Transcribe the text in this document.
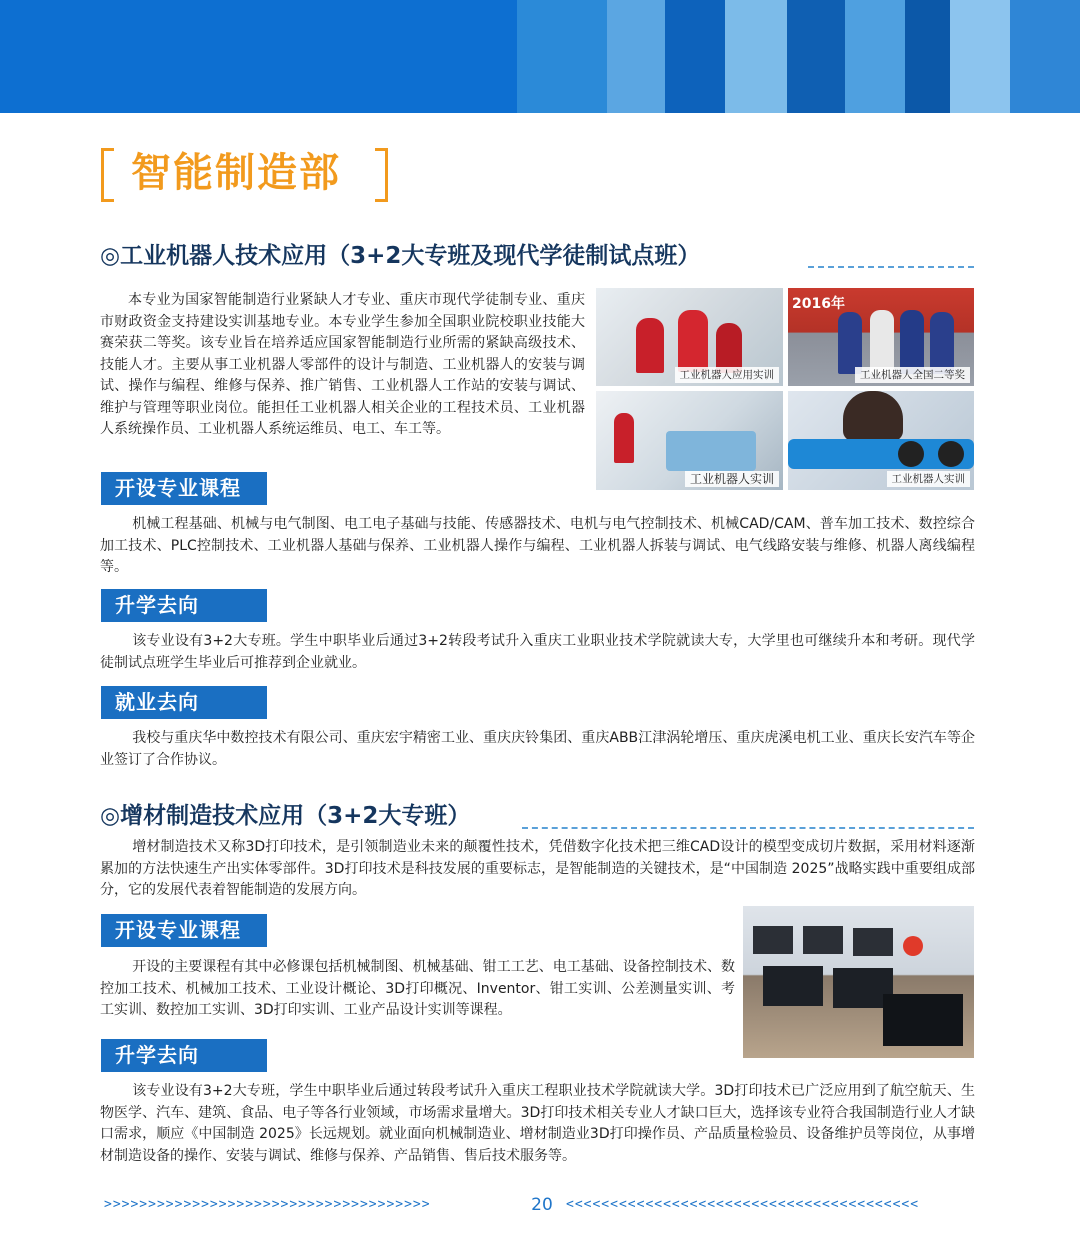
智能制造部
◎工业机器人技术应用（3+2大专班及现代学徒制试点班）

本专业为国家智能制造行业紧缺人才专业、重庆市现代学徒制专业、重庆市财政资金支持建设实训基地专业。本专业学生参加全国职业院校职业技能大赛荣获二等奖。该专业旨在培养适应国家智能制造行业所需的紧缺高级技术、技能人才。主要从事工业机器人零部件的设计与制造、工业机器人的安装与调试、操作与编程、维修与保养、推广销售、工业机器人工作站的安装与调试、维护与管理等职业岗位。能担任工业机器人相关企业的工程技术员、工业机器人系统操作员、工业机器人系统运维员、电工、车工等。

工业机器人应用实训
2016年
工业机器人全国二等奖
工业机器人实训	工业机器人实训
开设专业课程

机械工程基础、机械与电气制图、电工电子基础与技能、传感器技术、电机与电气控制技术、机械CAD/CAM、普车加工技术、数控综合加工技术、PLC控制技术、工业机器人基础与保养、工业机器人操作与编程、工业机器人拆装与调试、电气线路安装与维修、机器人离线编程等。

升学去向

该专业设有3+2大专班。学生中职毕业后通过3+2转段考试升入重庆工业职业技术学院就读大专，大学里也可继续升本和考研。现代学徒制试点班学生毕业后可推荐到企业就业。

就业去向

我校与重庆华中数控技术有限公司、重庆宏宇精密工业、重庆庆铃集团、重庆ABB江津涡轮增压、重庆虎溪电机工业、重庆长安汽车等企业签订了合作协议。

◎增材制造技术应用（3+2大专班）

增材制造技术又称3D打印技术，是引领制造业未来的颠覆性技术，凭借数字化技术把三维CAD设计的模型变成切片数据，采用材料逐渐累加的方法快速生产出实体零部件。3D打印技术是科技发展的重要标志，是智能制造的关键技术，是“中国制造 2025”战略实践中重要组成部分，它的发展代表着智能制造的发展方向。

开设专业课程

开设的主要课程有其中必修课包括机械制图、机械基础、钳工工艺、电工基础、设备控制技术、数控加工技术、机械加工技术、工业设计概论、3D打印概况、Inventor、钳工实训、公差测量实训、考工实训、数控加工实训、3D打印实训、工业产品设计实训等课程。

升学去向

该专业设有3+2大专班，学生中职毕业后通过转段考试升入重庆工程职业技术学院就读大学。3D打印技术已广泛应用到了航空航天、生物医学、汽车、建筑、食品、电子等各行业领域，市场需求量增大。3D打印技术相关专业人才缺口巨大，选择该专业符合我国制造行业人才缺口需求，顺应《中国制造 2025》长远规划。就业面向机械制造业、增材制造业3D打印操作员、产品质量检验员、设备维护员等岗位，从事增材制造设备的操作、安装与调试、维修与保养、产品销售、售后技术服务等。

>>>>>>>>>>>>>>>>>>>>>>>>>>>>>>>>>>>>>	20	<<<<<<<<<<<<<<<<<<<<<<<<<<<<<<<<<<<<<<<<
